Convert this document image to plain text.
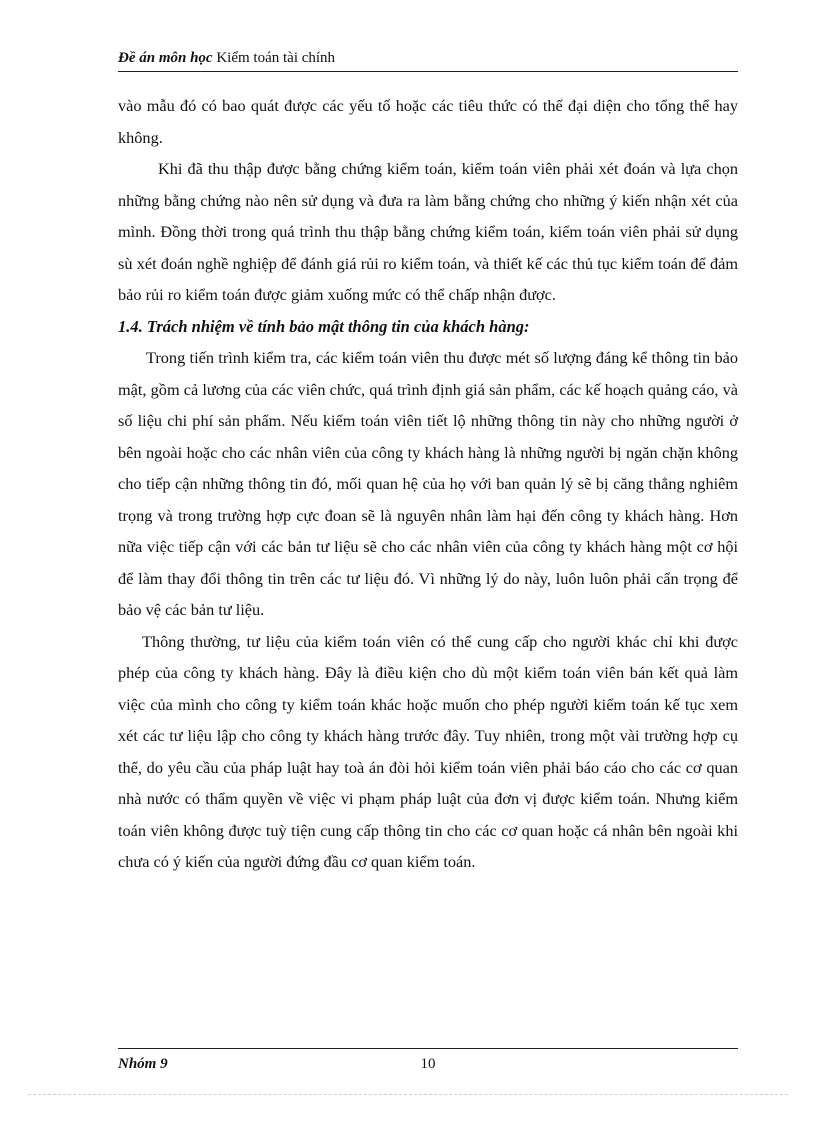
Đề án môn học Kiểm toán tài chính

vào mẫu đó có bao quát được các yếu tố hoặc các tiêu thức có thể đại diện cho tổng thể hay không.

Khi đã thu thập được bằng chứng kiểm toán, kiểm toán viên phải xét đoán và lựa chọn những bằng chứng nào nên sử dụng và đưa ra làm bằng chứng cho những ý kiến nhận xét của mình. Đồng thời trong quá trình thu thập bằng chứng kiểm toán, kiểm toán viên phải sử dụng sù xét đoán nghề nghiệp để đánh giá rủi ro kiểm toán, và thiết kế các thủ tục kiểm toán để đảm bảo rủi ro kiểm toán được giảm xuống mức có thể chấp nhận được.

1.4. Trách nhiệm về tính bảo mật thông tin của khách hàng:

Trong tiến trình kiểm tra, các kiểm toán viên thu được mét số lượng đáng kể thông tin bảo mật, gồm cả lương của các viên chức, quá trình định giá sản phẩm, các kế hoạch quảng cáo, và số liệu chi phí sản phẩm. Nếu kiểm toán viên tiết lộ những thông tin này cho những người ở bên ngoài hoặc cho các nhân viên của công ty khách hàng là những người bị ngăn chặn không cho tiếp cận những thông tin đó, mối quan hệ của họ với ban quản lý sẽ bị căng thẳng nghiêm trọng và trong trường hợp cực đoan sẽ là nguyên nhân làm hại đến công ty khách hàng. Hơn nữa việc tiếp cận với các bản tư liệu sẽ cho các nhân viên của công ty khách hàng một cơ hội để làm thay đổi thông tin trên các tư liệu đó. Vì những lý do này, luôn luôn phải cẩn trọng để bảo vệ các bản tư liệu.

Thông thường, tư liệu của kiểm toán viên có thể cung cấp cho người khác chỉ khi được phép của công ty khách hàng. Đây là điều kiện cho dù một kiểm toán viên bán kết quả làm việc của mình cho công ty kiểm toán khác hoặc muốn cho phép người kiểm toán kế tục xem xét các tư liệu lập cho công ty khách hàng trước đây. Tuy nhiên, trong một vài trường hợp cụ thể, do yêu cầu của pháp luật hay toà án đòi hỏi kiểm toán viên phải báo cáo cho các cơ quan nhà nước có thẩm quyền về việc vi phạm pháp luật của đơn vị được kiểm toán. Nhưng kiểm toán viên không được tuỳ tiện cung cấp thông tin cho các cơ quan hoặc cá nhân bên ngoài khi chưa có ý kiến của người đứng đầu cơ quan kiểm toán.

Nhóm 9	10
